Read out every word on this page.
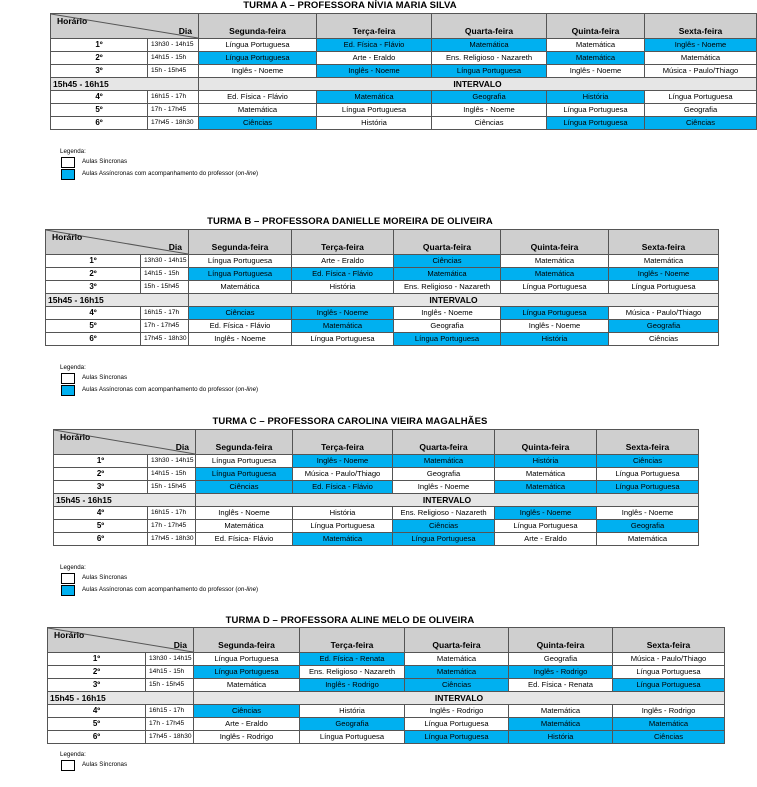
TURMA A – PROFESSORA NÍVIA MARIA SILVA
Horário
Dia		Segunda-feira	Terça-feira	Quarta-feira	Quinta-feira	Sexta-feira
1º	13h30 - 14h15	Língua Portuguesa	Ed. Física - Flávio	Matemática	Matemática	Inglês - Noeme
2º	14h15 - 15h	Língua Portuguesa	Arte - Eraldo	Ens. Religioso - Nazareth	Matemática	Matemática
3º	15h - 15h45	Inglês - Noeme	Inglês - Noeme	Língua Portuguesa	Inglês - Noeme	Música - Paulo/Thiago
15h45 - 16h15		INTERVALO				
4º	16h15 - 17h	Ed. Física - Flávio	Matemática	Geografia	História	Língua Portuguesa
5º	17h - 17h45	Matemática	Língua Portuguesa	Inglês - Noeme	Língua Portuguesa	Geografia
6º	17h45 - 18h30	Ciências	História	Ciências	Língua Portuguesa	Ciências
Legenda:
Aulas Síncronas
Aulas Assíncronas com acompanhamento do professor (on-line)
TURMA B – PROFESSORA DANIELLE MOREIRA DE OLIVEIRA
Horário
Dia		Segunda-feira	Terça-feira	Quarta-feira	Quinta-feira	Sexta-feira
1º	13h30 - 14h15	Língua Portuguesa	Arte - Eraldo	Ciências	Matemática	Matemática
2º	14h15 - 15h	Língua Portuguesa	Ed. Física - Flávio	Matemática	Matemática	Inglês - Noeme
3º	15h - 15h45	Matemática	História	Ens. Religioso - Nazareth	Língua Portuguesa	Língua Portuguesa
15h45 - 16h15		INTERVALO				
4º	16h15 - 17h	Ciências	Inglês - Noeme	Inglês - Noeme	Língua Portuguesa	Música - Paulo/Thiago
5º	17h - 17h45	Ed. Física - Flávio	Matemática	Geografia	Inglês - Noeme	Geografia
6º	17h45 - 18h30	Inglês - Noeme	Língua Portuguesa	Língua Portuguesa	História	Ciências
Legenda:
Aulas Síncronas
Aulas Assíncronas com acompanhamento do professor (on-line)
TURMA C – PROFESSORA CAROLINA VIEIRA MAGALHÃES
Horário
Dia		Segunda-feira	Terça-feira	Quarta-feira	Quinta-feira	Sexta-feira
1º	13h30 - 14h15	Língua Portuguesa	Inglês - Noeme	Matemática	História	Ciências
2º	14h15 - 15h	Língua Portuguesa	Música - Paulo/Thiago	Geografia	Matemática	Língua Portuguesa
3º	15h - 15h45	Ciências	Ed. Física - Flávio	Inglês - Noeme	Matemática	Língua Portuguesa
15h45 - 16h15		INTERVALO				
4º	16h15 - 17h	Inglês - Noeme	História	Ens. Religioso - Nazareth	Inglês - Noeme	Inglês - Noeme
5º	17h - 17h45	Matemática	Língua Portuguesa	Ciências	Língua Portuguesa	Geografia
6º	17h45 - 18h30	Ed. Física- Flávio	Matemática	Língua Portuguesa	Arte - Eraldo	Matemática
Legenda:
Aulas Síncronas
Aulas Assíncronas com acompanhamento do professor (on-line)
TURMA D – PROFESSORA ALINE MELO DE OLIVEIRA
Horário
Dia		Segunda-feira	Terça-feira	Quarta-feira	Quinta-feira	Sexta-feira
1º	13h30 - 14h15	Língua Portuguesa	Ed. Física - Renata	Matemática	Geografia	Música - Paulo/Thiago
2º	14h15 - 15h	Língua Portuguesa	Ens. Religioso - Nazareth	Matemática	Inglês - Rodrigo	Língua Portuguesa
3º	15h - 15h45	Matemática	Inglês - Rodrigo	Ciências	Ed. Física - Renata	Língua Portuguesa
15h45 - 16h15		INTERVALO				
4º	16h15 - 17h	Ciências	História	Inglês - Rodrigo	Matemática	Inglês - Rodrigo
5º	17h - 17h45	Arte - Eraldo	Geografia	Língua Portuguesa	Matemática	Matemática
6º	17h45 - 18h30	Inglês - Rodrigo	Língua Portuguesa	Língua Portuguesa	História	Ciências
Legenda:
Aulas Síncronas
